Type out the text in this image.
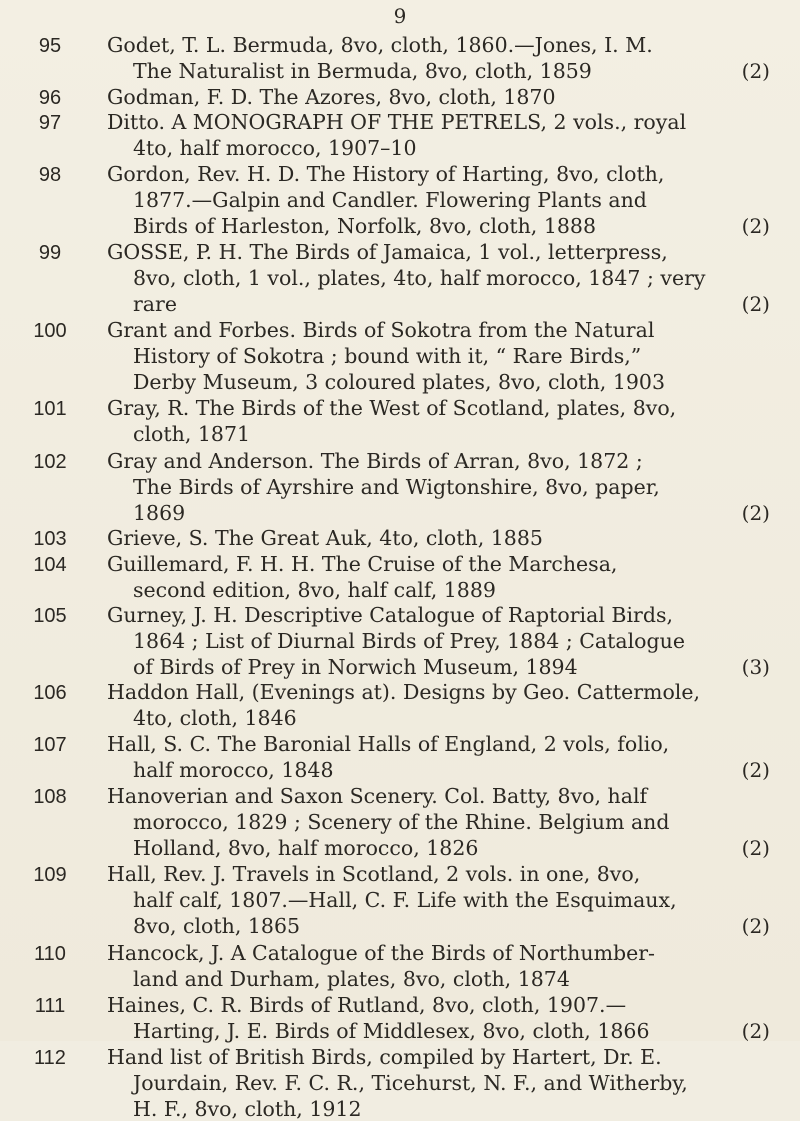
9
95	Godet, T. L. Bermuda, 8vo, cloth, 1860.—Jones, I. M.
The Naturalist in Bermuda, 8vo, cloth, 1859	(2)
96	Godman, F. D. The Azores, 8vo, cloth, 1870
97	Ditto. A MONOGRAPH OF THE PETRELS, 2 vols., royal
4to, half morocco, 1907–10
98	Gordon, Rev. H. D. The History of Harting, 8vo, cloth,
1877.—Galpin and Candler. Flowering Plants and
Birds of Harleston, Norfolk, 8vo, cloth, 1888	(2)
99	GOSSE, P. H. The Birds of Jamaica, 1 vol., letterpress,
8vo, cloth, 1 vol., plates, 4to, half morocco, 1847 ; very
rare	(2)
100 Grant and Forbes. Birds of Sokotra from the Natural
History of Sokotra ; bound with it, “ Rare Birds,”
Derby Museum, 3 coloured plates, 8vo, cloth, 1903
101 Gray, R. The Birds of the West of Scotland, plates, 8vo,
cloth, 1871
102 Gray and Anderson. The Birds of Arran, 8vo, 1872 ;
The Birds of Ayrshire and Wigtonshire, 8vo, paper,
1869	(2)
103 Grieve, S. The Great Auk, 4to, cloth, 1885
104 Guillemard, F. H. H. The Cruise of the Marchesa,
second edition, 8vo, half calf, 1889
105 Gurney, J. H. Descriptive Catalogue of Raptorial Birds,
1864 ; List of Diurnal Birds of Prey, 1884 ; Catalogue
of Birds of Prey in Norwich Museum, 1894	(3)
106 Haddon Hall, (Evenings at). Designs by Geo. Cattermole,
4to, cloth, 1846
107 Hall, S. C. The Baronial Halls of England, 2 vols, folio,
half morocco, 1848	(2)
108 Hanoverian and Saxon Scenery. Col. Batty, 8vo, half
morocco, 1829 ; Scenery of the Rhine. Belgium and
Holland, 8vo, half morocco, 1826	(2)
109 Hall, Rev. J. Travels in Scotland, 2 vols. in one, 8vo,
half calf, 1807.—Hall, C. F. Life with the Esquimaux,
8vo, cloth, 1865	(2)
110 Hancock, J. A Catalogue of the Birds of Northumber-
land and Durham, plates, 8vo, cloth, 1874
111	Haines, C. R. Birds of Rutland, 8vo, cloth, 1907.—
Harting, J. E. Birds of Middlesex, 8vo, cloth, 1866	(2)
112 Hand list of British Birds, compiled by Hartert, Dr. E.
Jourdain, Rev. F. C. R., Ticehurst, N. F., and Witherby,
H. F., 8vo, cloth, 1912
